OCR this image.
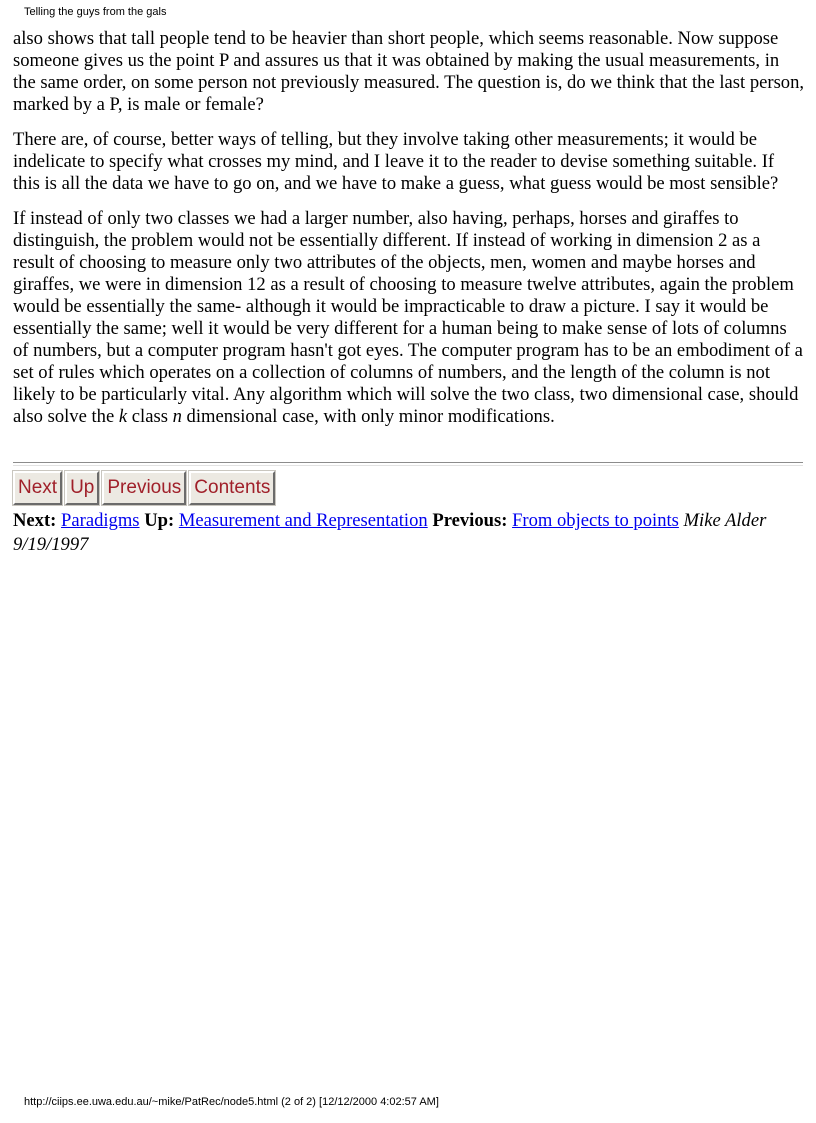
Telling the guys from the gals

also shows that tall people tend to be heavier than short people, which seems reasonable. Now suppose someone gives us the point P and assures us that it was obtained by making the usual measurements, in the same order, on some person not previously measured. The question is, do we think that the last person, marked by a P, is male or female?

There are, of course, better ways of telling, but they involve taking other measurements; it would be indelicate to specify what crosses my mind, and I leave it to the reader to devise something suitable. If this is all the data we have to go on, and we have to make a guess, what guess would be most sensible?

If instead of only two classes we had a larger number, also having, perhaps, horses and giraffes to distinguish, the problem would not be essentially different. If instead of working in dimension 2 as a result of choosing to measure only two attributes of the objects, men, women and maybe horses and giraffes, we were in dimension 12 as a result of choosing to measure twelve attributes, again the problem would be essentially the same- although it would be impracticable to draw a picture. I say it would be essentially the same; well it would be very different for a human being to make sense of lots of columns of numbers, but a computer program hasn't got eyes. The computer program has to be an embodiment of a set of rules which operates on a collection of columns of numbers, and the length of the column is not likely to be particularly vital. Any algorithm which will solve the two class, two dimensional case, should also solve the k class n dimensional case, with only minor modifications.

Next Up Previous Contents
Next: Paradigms Up: Measurement and Representation Previous: From objects to points Mike Alder
9/19/1997
http://ciips.ee.uwa.edu.au/~mike/PatRec/node5.html (2 of 2) [12/12/2000 4:02:57 AM]
